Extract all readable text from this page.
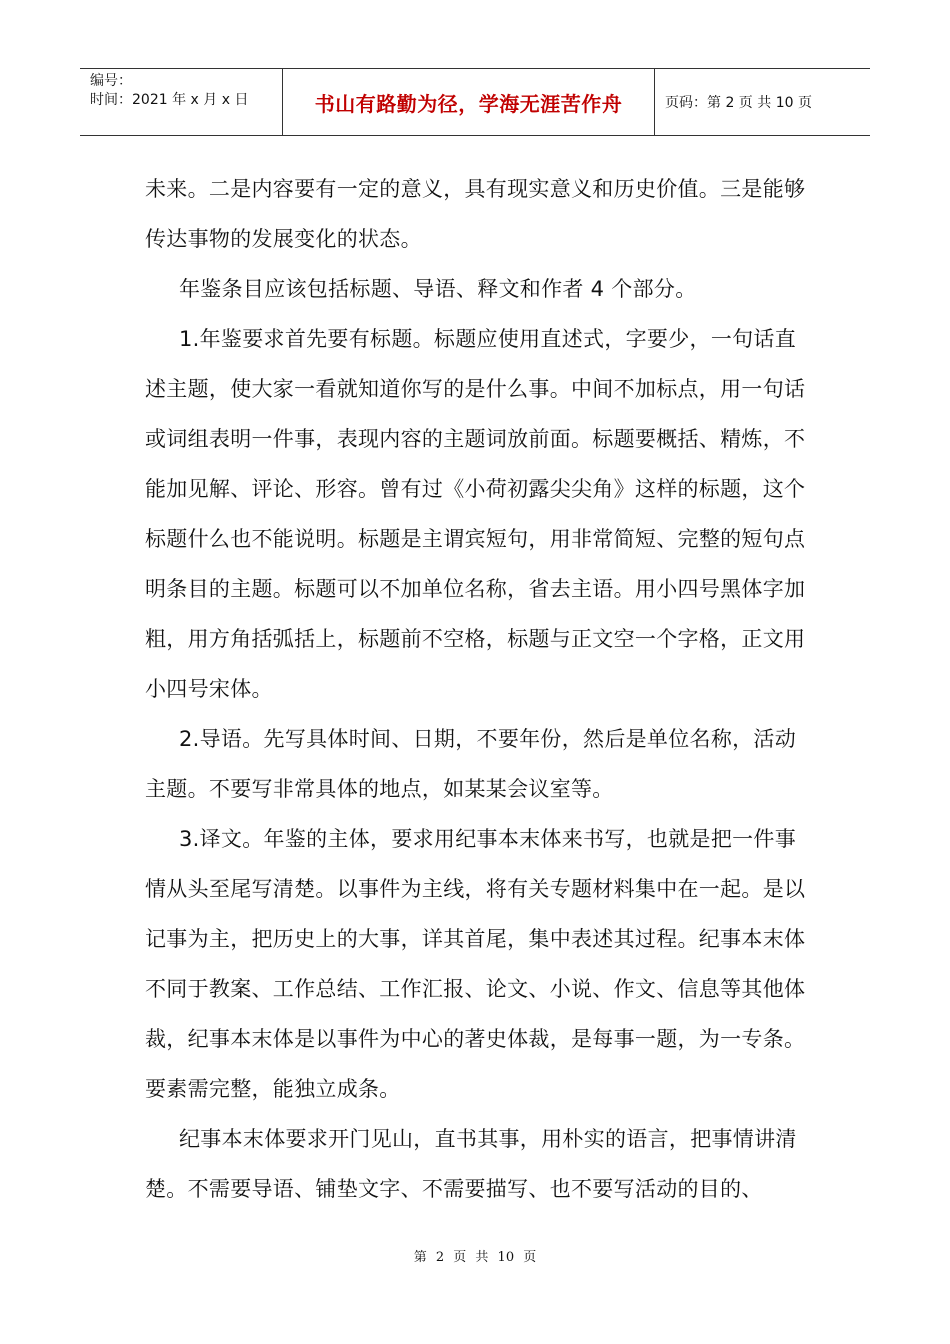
编号：
时间：2021 年 x 月 x 日	书山有路勤为径，学海无涯苦作舟	页码：第 2 页 共 10 页

未来。二是内容要有一定的意义，具有现实意义和历史价值。三是能够传达事物的发展变化的状态。

年鉴条目应该包括标题、导语、释文和作者 4 个部分。

1.年鉴要求首先要有标题。标题应使用直述式，字要少，一句话直述主题，使大家一看就知道你写的是什么事。中间不加标点，用一句话或词组表明一件事，表现内容的主题词放前面。标题要概括、精炼，不能加见解、评论、形容。曾有过《小荷初露尖尖角》这样的标题，这个标题什么也不能说明。标题是主谓宾短句，用非常简短、完整的短句点明条目的主题。标题可以不加单位名称，省去主语。用小四号黑体字加粗，用方角括弧括上，标题前不空格，标题与正文空一个字格，正文用小四号宋体。

2.导语。先写具体时间、日期，不要年份，然后是单位名称，活动主题。不要写非常具体的地点，如某某会议室等。

3.译文。年鉴的主体，要求用纪事本末体来书写，也就是把一件事情从头至尾写清楚。以事件为主线，将有关专题材料集中在一起。是以记事为主，把历史上的大事，详其首尾，集中表述其过程。纪事本末体不同于教案、工作总结、工作汇报、论文、小说、作文、信息等其他体裁，纪事本末体是以事件为中心的著史体裁，是每事一题，为一专条。要素需完整，能独立成条。

纪事本末体要求开门见山，直书其事，用朴实的语言，把事情讲清楚。不需要导语、铺垫文字、不需要描写、也不要写活动的目的、

第 2 页 共 10 页
